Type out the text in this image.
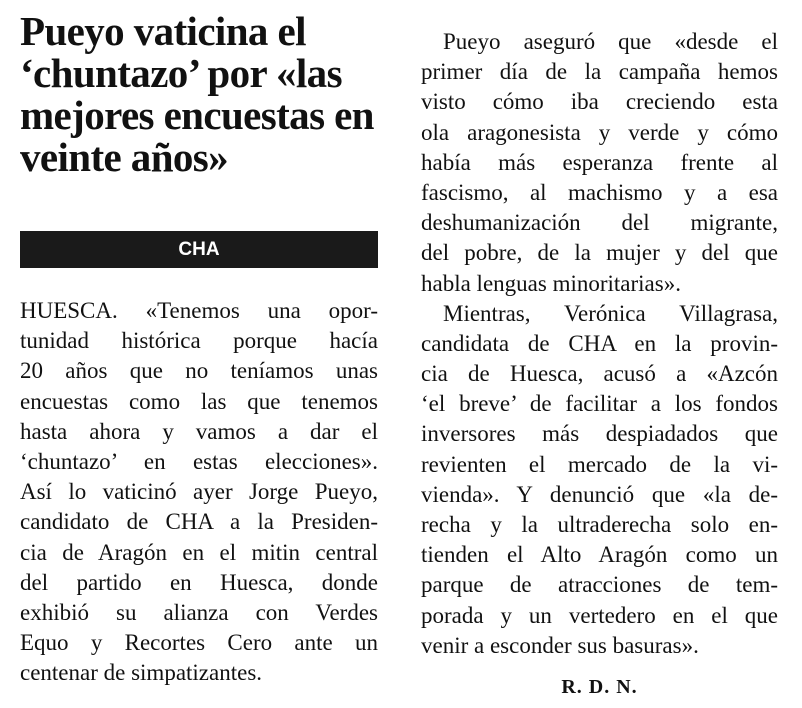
Pueyo vaticina el ‘chuntazo’ por «las mejores encuestas en veinte años»
CHA
HUESCA. «Tenemos una opor-
tunidad histórica porque hacía
20 años que no teníamos unas
encuestas como las que tenemos
hasta ahora y vamos a dar el
‘chuntazo’ en estas elecciones».
Así lo vaticinó ayer Jorge Pueyo,
candidato de CHA a la Presiden-
cia de Aragón en el mitin central
del partido en Huesca, donde
exhibió su alianza con Verdes
Equo y Recortes Cero ante un
centenar de simpatizantes.
Pueyo aseguró que «desde el
primer día de la campaña hemos
visto cómo iba creciendo esta
ola aragonesista y verde y cómo
había más esperanza frente al
fascismo, al machismo y a esa
deshumanización del migrante,
del pobre, de la mujer y del que
habla lenguas minoritarias».
Mientras, Verónica Villagrasa,
candidata de CHA en la provin-
cia de Huesca, acusó a «Azcón
‘el breve’ de facilitar a los fondos
inversores más despiadados que
revienten el mercado de la vi-
vienda». Y denunció que «la de-
recha y la ultraderecha solo en-
tienden el Alto Aragón como un
parque de atracciones de tem-
porada y un vertedero en el que
venir a esconder sus basuras».
R. D. N.
